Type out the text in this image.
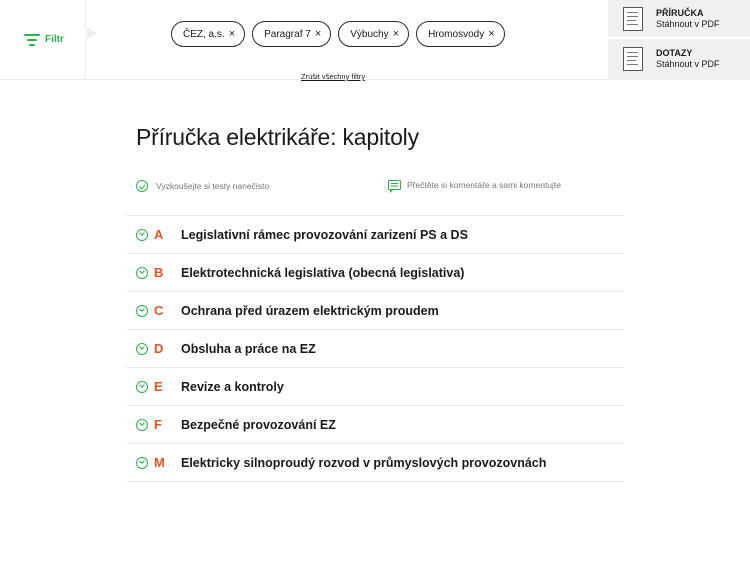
Filtr	ČEZ, a.s. ×	Paragraf 7 ×	Výbuchy ×	Hromosvody ×
Zrušit všechny filtry
PŘÍRUČKA
Stáhnout v PDF
DOTAZY
Stáhnout v PDF
Příručka elektrikáře: kapitoly
Vyzkoušejte si testy nanečisto	Přečtěte si komentáře a sami komentujte
A	Legislativní rámec provozování zarizení PS a DS
B	Elektrotechnická legislativa (obecná legislativa)
C	Ochrana před úrazem elektrickým proudem
D	Obsluha a práce na EZ
E	Revize a kontroly
F	Bezpečné provozování EZ
M	Elektricky silnoproudý rozvod v průmyslových provozovnách
